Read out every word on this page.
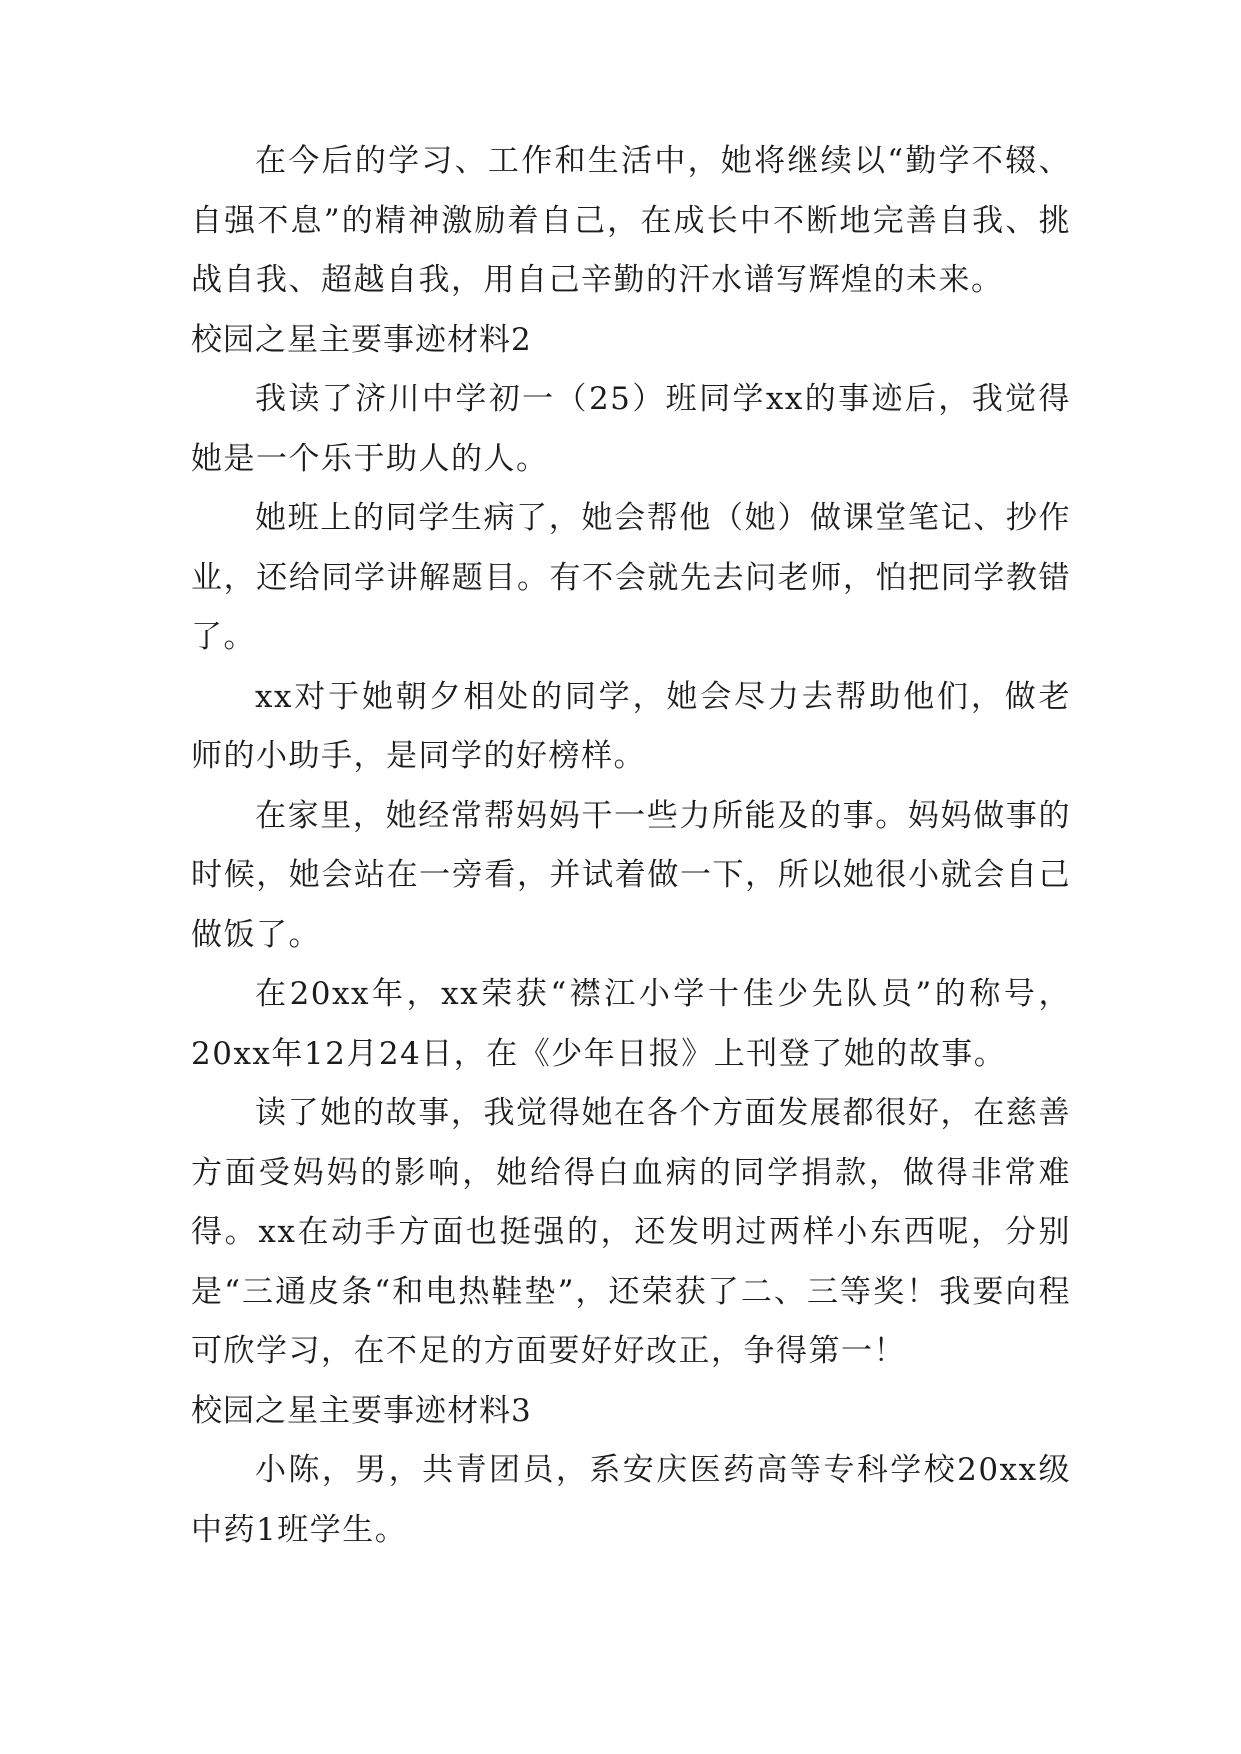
在今后的学习、工作和生活中，她将继续以“勤学不辍、自强不息”的精神激励着自己，在成长中不断地完善自我、挑战自我、超越自我，用自己辛勤的汗水谱写辉煌的未来。

校园之星主要事迹材料2

我读了济川中学初一（25）班同学xx的事迹后，我觉得她是一个乐于助人的人。

她班上的同学生病了，她会帮他（她）做课堂笔记、抄作业，还给同学讲解题目。有不会就先去问老师，怕把同学教错了。

xx对于她朝夕相处的同学，她会尽力去帮助他们，做老师的小助手，是同学的好榜样。

在家里，她经常帮妈妈干一些力所能及的事。妈妈做事的时候，她会站在一旁看，并试着做一下，所以她很小就会自己做饭了。

在20xx年，xx荣获“襟江小学十佳少先队员”的称号，20xx年12月24日，在《少年日报》上刊登了她的故事。

读了她的故事，我觉得她在各个方面发展都很好，在慈善方面受妈妈的影响，她给得白血病的同学捐款，做得非常难得。xx在动手方面也挺强的，还发明过两样小东西呢，分别是“三通皮条“和电热鞋垫”，还荣获了二、三等奖！我要向程可欣学习，在不足的方面要好好改正，争得第一！

校园之星主要事迹材料3

小陈，男，共青团员，系安庆医药高等专科学校20xx级中药1班学生。
